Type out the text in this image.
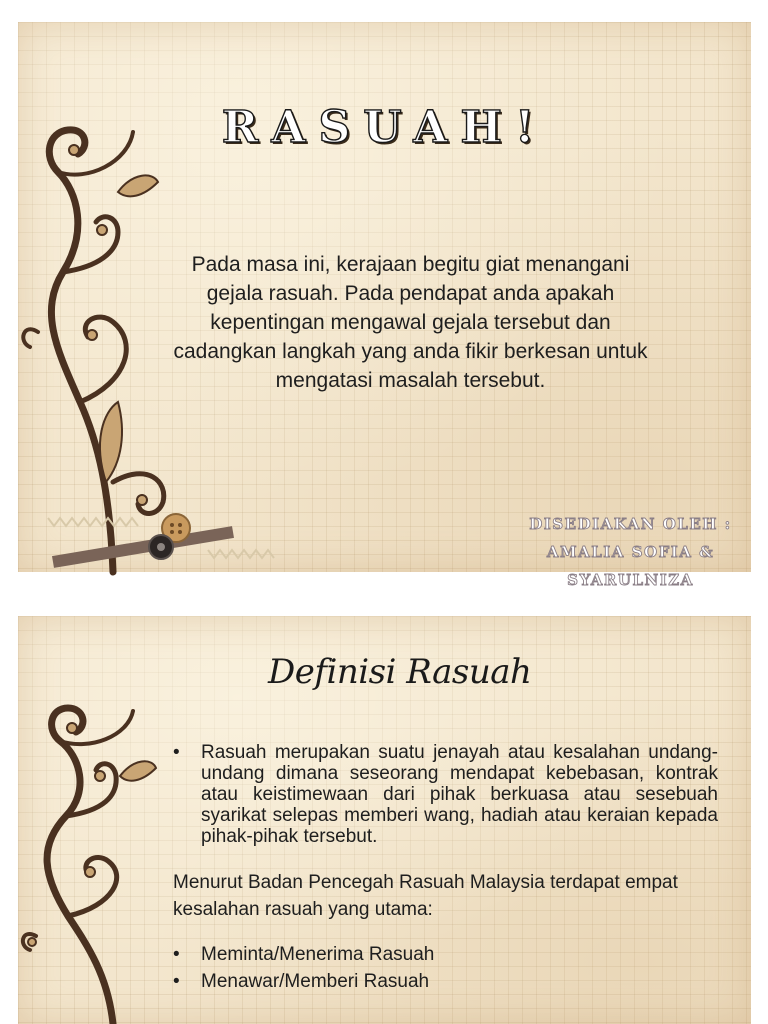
RASUAH!
Pada masa ini, kerajaan begitu giat menangani gejala rasuah. Pada pendapat anda apakah kepentingan mengawal gejala tersebut dan cadangkan langkah yang anda fikir berkesan untuk mengatasi masalah tersebut.
DISEDIAKAN OLEH :
AMALIA SOFIA &
SYARULNIZA
Definisi Rasuah
•	Rasuah merupakan suatu jenayah atau kesalahan undang-undang dimana seseorang mendapat kebebasan, kontrak atau keistimewaan dari pihak berkuasa atau sesebuah syarikat selepas memberi wang, hadiah atau keraian kepada pihak-pihak tersebut.
Menurut Badan Pencegah Rasuah Malaysia terdapat empat kesalahan rasuah yang utama:
•	Meminta/Menerima Rasuah
•	Menawar/Memberi Rasuah
